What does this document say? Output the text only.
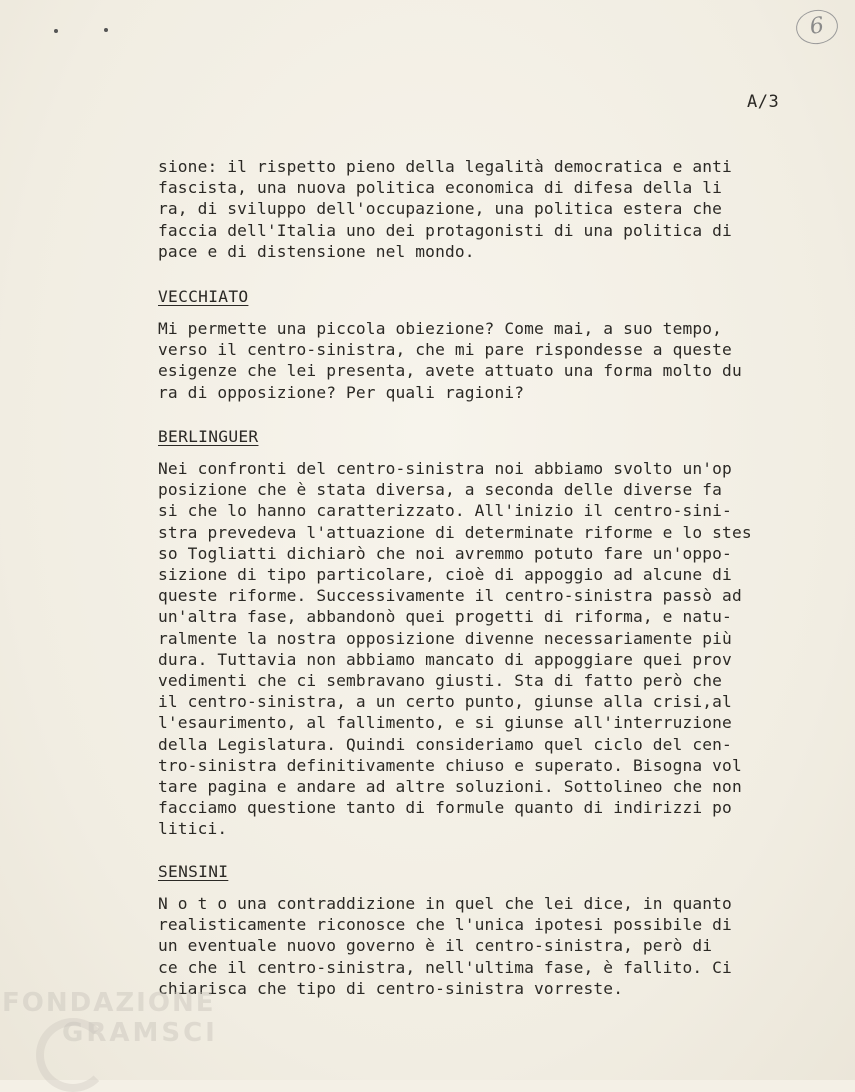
6
A/3

sione: il rispetto pieno della legalità democratica e anti

fascista, una nuova politica economica di difesa della li

ra, di sviluppo dell'occupazione, una politica estera che

faccia dell'Italia uno dei protagonisti di una politica di

pace e di distensione nel mondo.

VECCHIATO

Mi permette una piccola obiezione? Come mai, a suo tempo,

verso il centro-sinistra, che mi pare rispondesse a queste

esigenze che lei presenta, avete attuato una forma molto du

ra di opposizione? Per quali ragioni?

BERLINGUER

Nei confronti del centro-sinistra noi abbiamo svolto un'op

posizione che è stata diversa, a seconda delle diverse fa

si che lo hanno caratterizzato. All'inizio il centro-sini-

stra prevedeva l'attuazione di determinate riforme e lo stes

so Togliatti dichiarò che noi avremmo potuto fare un'oppo-

sizione di tipo particolare, cioè di appoggio ad alcune di

queste riforme. Successivamente il centro-sinistra passò ad

un'altra fase, abbandonò quei progetti di riforma, e natu-

ralmente la nostra opposizione divenne necessariamente più

dura. Tuttavia non abbiamo mancato di appoggiare quei prov

vedimenti che ci sembravano giusti. Sta di fatto però che

il centro-sinistra, a un certo punto, giunse alla crisi,al

l'esaurimento, al fallimento, e si giunse all'interruzione

della Legislatura. Quindi consideriamo quel ciclo del cen-

tro-sinistra definitivamente chiuso e superato. Bisogna vol

tare pagina e andare ad altre soluzioni. Sottolineo che non

facciamo questione tanto di formule quanto di indirizzi po

litici.

SENSINI

N o t o una contraddizione in quel che lei dice, in quanto

realisticamente riconosce che l'unica ipotesi possibile di

un eventuale nuovo governo è il centro-sinistra, però di

ce che il centro-sinistra, nell'ultima fase, è fallito. Ci

chiarisca che tipo di centro-sinistra vorreste.

FONDAZIONE
GRAMSCI
